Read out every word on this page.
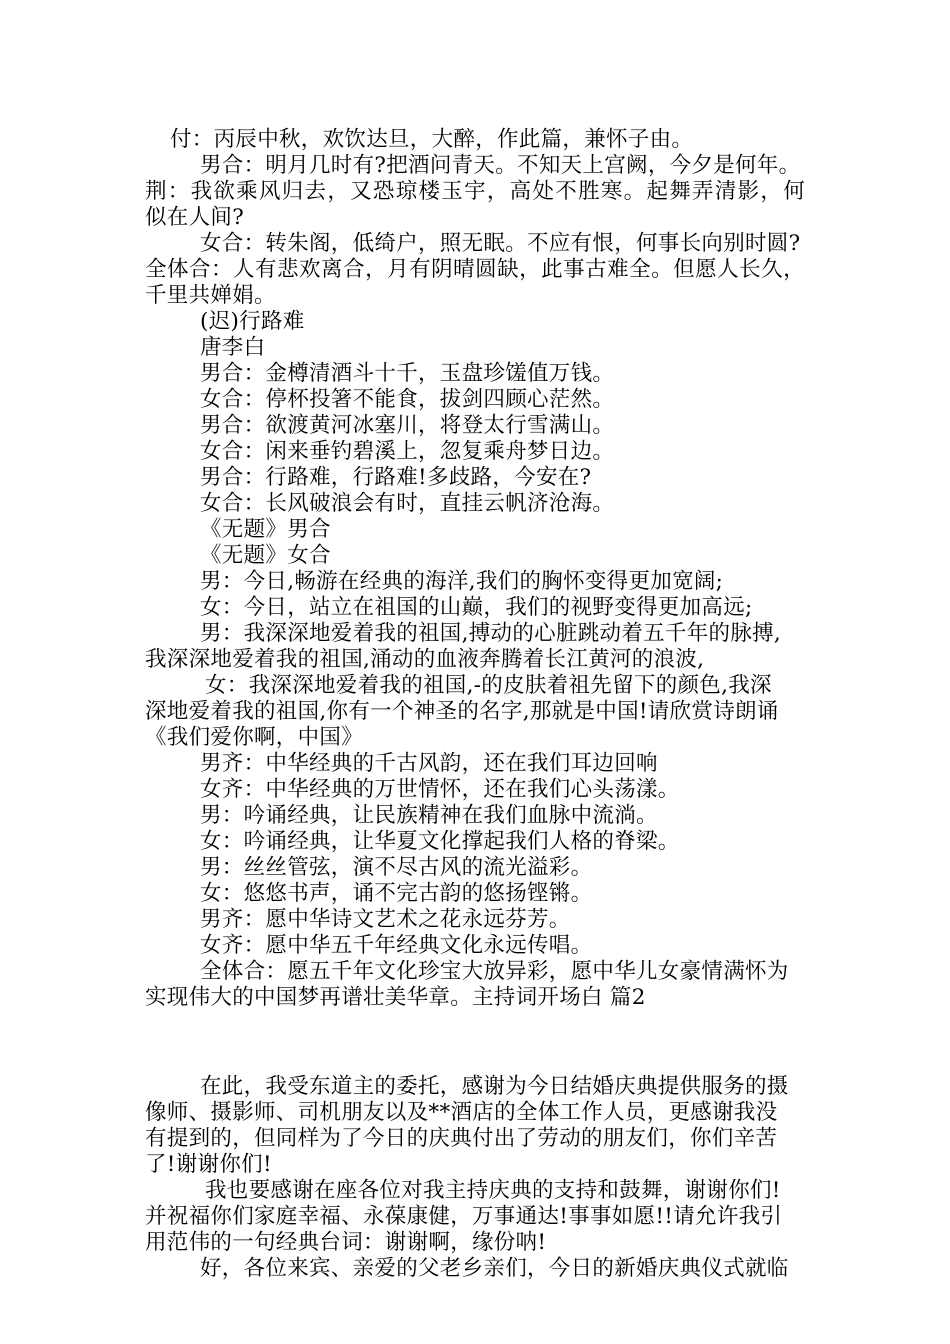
付：丙辰中秋，欢饮达旦，大醉，作此篇，兼怀子由。
男合：明月几时有?把酒问青天。不知天上宫阙，今夕是何年。
荆：我欲乘风归去，又恐琼楼玉宇，高处不胜寒。起舞弄清影，何
似在人间?
女合：转朱阁，低绮户，照无眠。不应有恨，何事长向别时圆?
全体合：人有悲欢离合，月有阴晴圆缺，此事古难全。但愿人长久，
千里共婵娟。
(迟)行路难
唐李白
男合：金樽清酒斗十千，玉盘珍馐值万钱。
女合：停杯投箸不能食，拔剑四顾心茫然。
男合：欲渡黄河冰塞川，将登太行雪满山。
女合：闲来垂钓碧溪上，忽复乘舟梦日边。
男合：行路难，行路难!多歧路，今安在?
女合：长风破浪会有时，直挂云帆济沧海。
《无题》男合
《无题》女合
男：今日,畅游在经典的海洋,我们的胸怀变得更加宽阔;
女：今日，站立在祖国的山巅，我们的视野变得更加高远;
男：我深深地爱着我的祖国,搏动的心脏跳动着五千年的脉搏,
我深深地爱着我的祖国,涌动的血液奔腾着长江黄河的浪波,
女：我深深地爱着我的祖国,-的皮肤着祖先留下的颜色,我深
深地爱着我的祖国,你有一个神圣的名字,那就是中国!请欣赏诗朗诵
《我们爱你啊，中国》
男齐：中华经典的千古风韵，还在我们耳边回响
女齐：中华经典的万世情怀，还在我们心头荡漾。
男：吟诵经典，让民族精神在我们血脉中流淌。
女：吟诵经典，让华夏文化撑起我们人格的脊梁。
男：丝丝管弦，演不尽古风的流光溢彩。
女：悠悠书声，诵不完古韵的悠扬铿锵。
男齐：愿中华诗文艺术之花永远芬芳。
女齐：愿中华五千年经典文化永远传唱。
全体合：愿五千年文化珍宝大放异彩，愿中华儿女豪情满怀为
实现伟大的中国梦再谱壮美华章。主持词开场白 篇2
在此，我受东道主的委托，感谢为今日结婚庆典提供服务的摄
像师、摄影师、司机朋友以及**酒店的全体工作人员，更感谢我没
有提到的，但同样为了今日的庆典付出了劳动的朋友们，你们辛苦
了!谢谢你们!
我也要感谢在座各位对我主持庆典的支持和鼓舞，谢谢你们!
并祝福你们家庭幸福、永葆康健，万事通达!事事如愿!!请允许我引
用范伟的一句经典台词：谢谢啊，缘份呐!
好，各位来宾、亲爱的父老乡亲们，今日的新婚庆典仪式就临
